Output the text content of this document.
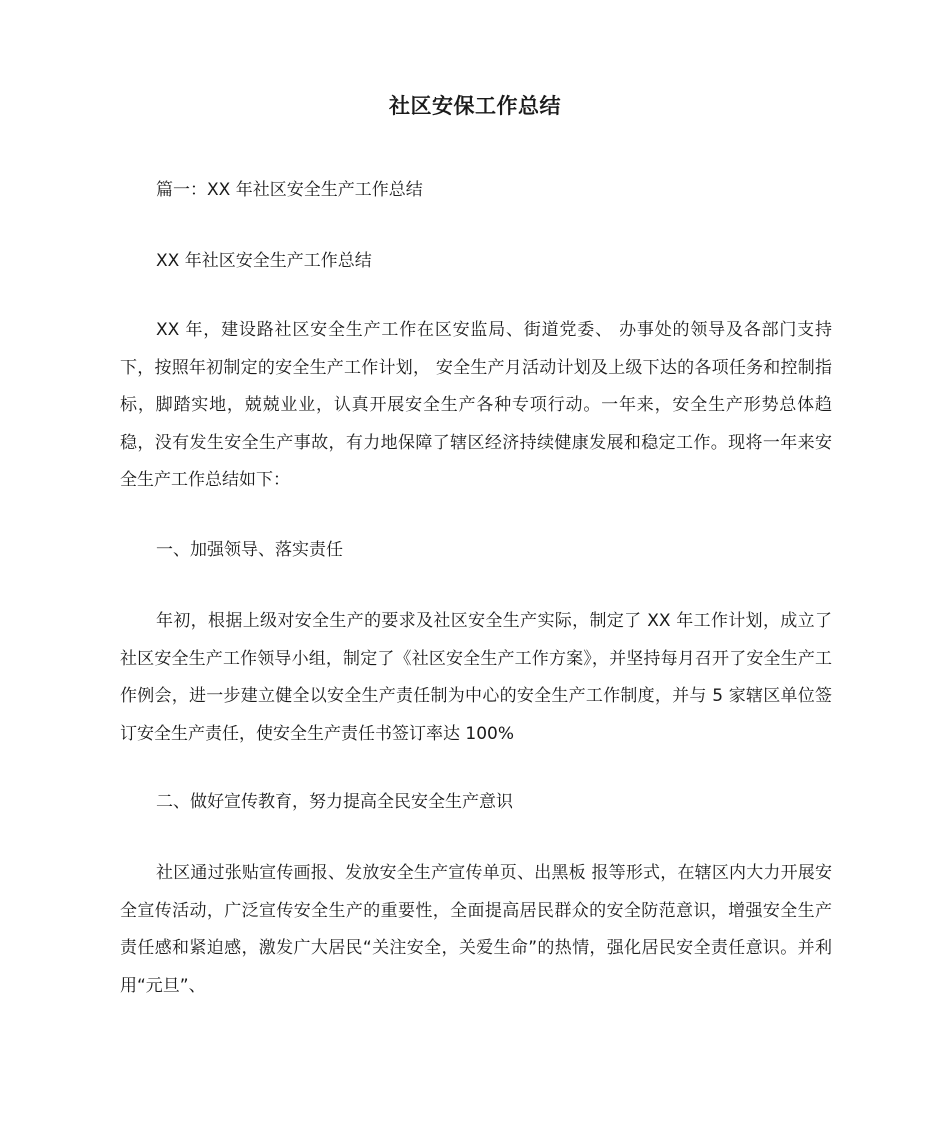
社区安保工作总结
篇一：XX 年社区安全生产工作总结
XX 年社区安全生产工作总结
XX 年，建设路社区安全生产工作在区安监局、街道党委、 办事处的领导及各部门支持下，按照年初制定的安全生产工作计划， 安全生产月活动计划及上级下达的各项任务和控制指标，脚踏实地，兢兢业业，认真开展安全生产各种专项行动。一年来，安全生产形势总体趋稳，没有发生安全生产事故，有力地保障了辖区经济持续健康发展和稳定工作。现将一年来安全生产工作总结如下：
一、加强领导、落实责任
年初，根据上级对安全生产的要求及社区安全生产实际，制定了 XX 年工作计划，成立了社区安全生产工作领导小组，制定了《社区安全生产工作方案》，并坚持每月召开了安全生产工作例会，进一步建立健全以安全生产责任制为中心的安全生产工作制度，并与 5 家辖区单位签订安全生产责任，使安全生产责任书签订率达 100%
二、做好宣传教育，努力提高全民安全生产意识
社区通过张贴宣传画报、发放安全生产宣传单页、出黑板 报等形式，在辖区内大力开展安全宣传活动，广泛宣传安全生产的重要性，全面提高居民群众的安全防范意识，增强安全生产责任感和紧迫感，激发广大居民“关注安全，关爱生命”的热情，强化居民安全责任意识。并利用“元旦”、
